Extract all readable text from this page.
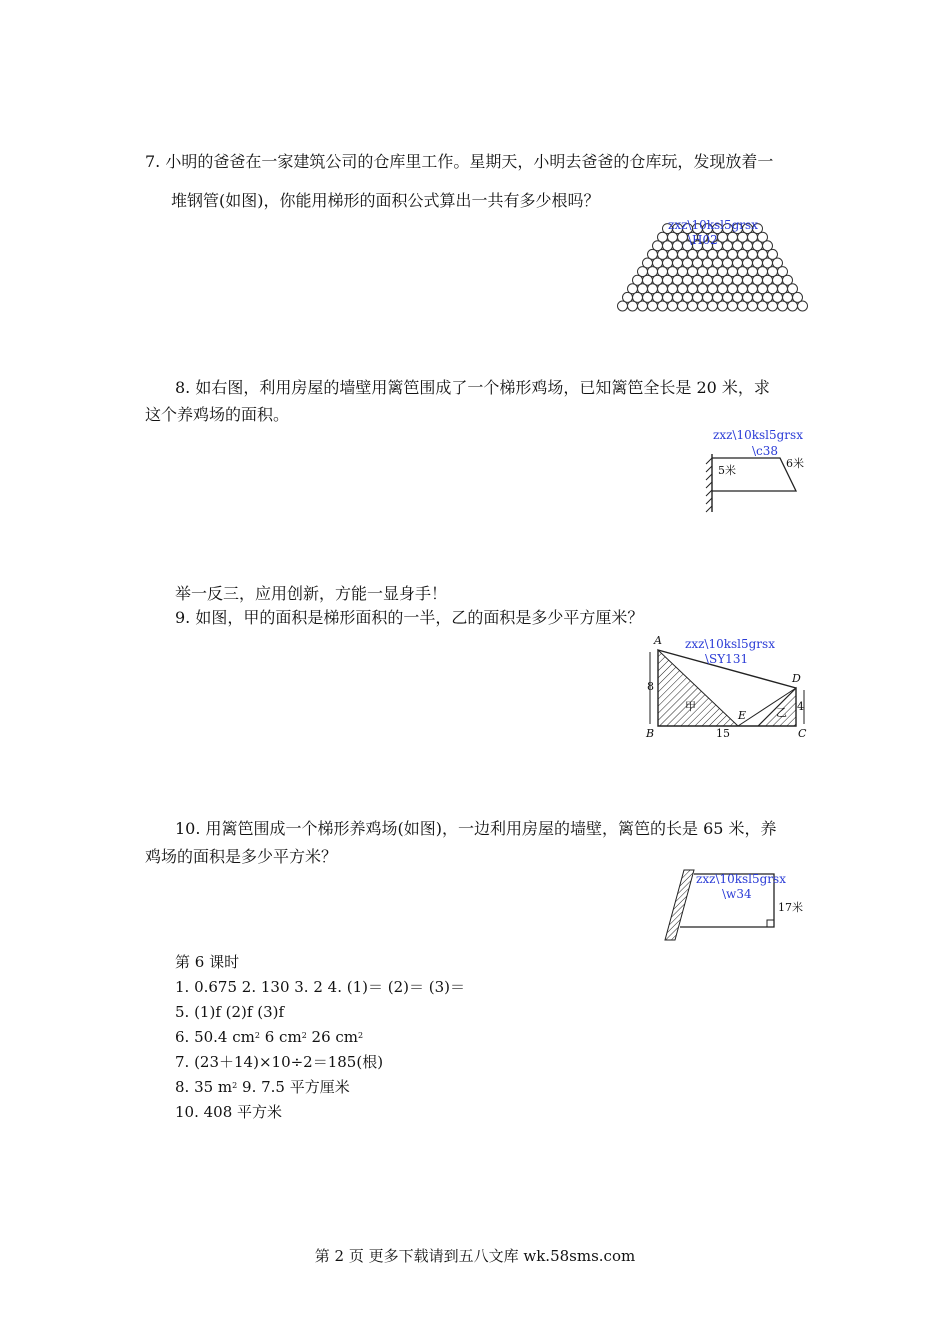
7. 小明的爸爸在一家建筑公司的仓库里工作。星期天，小明去爸爸的仓库玩，发现放着一
堆钢管(如图)，你能用梯形的面积公式算出一共有多少根吗？
zxz\10ksl5grsx
\H02
8. 如右图，利用房屋的墙壁用篱笆围成了一个梯形鸡场，已知篱笆全长是 20 米，求
这个养鸡场的面积。
zxz\10ksl5grsx
\c38
5米
6米
举一反三，应用创新，方能一显身手！
9. 如图，甲的面积是梯形面积的一半，乙的面积是多少平方厘米？
A
B	C
D
E
8
4
15
甲	乙
zxz\10ksl5grsx
\SY131
10. 用篱笆围成一个梯形养鸡场(如图)，一边利用房屋的墙壁，篱笆的长是 65 米，养
鸡场的面积是多少平方米？
zxz\10ksl5grsx
\w34
17米
第 6 课时
1. 0.675 2. 130 3. 2 4. (1)＝ (2)＝ (3)＝
5. (1)f (2)f (3)f
6. 50.4 $cm^2$ 6 $cm^2$ 26 $cm^2$
7. (23＋14)×10÷2＝185(根)
8. 35 $m^2$ 9. 7.5 平方厘米
10. 408 平方米
第 2 页 更多下载请到五八文库 wk.58sms.com
